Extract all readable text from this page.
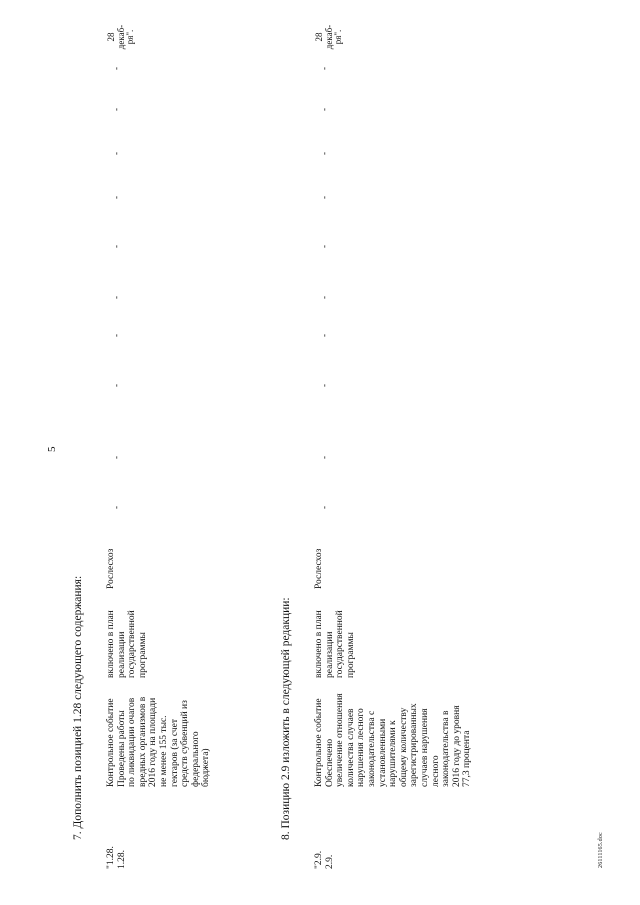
5
26111165.doc
7. Дополнить позицией 1.28 следующего содержания:
"1.28.
1.28.
Контрольное событие
Проведены работы
по ликвидации очагов
вредных организмов в
2016 году на площади
не менее 155 тыс.
гектаров (за счет
средств субвенций из
федерального
бюджета)
включено в план
реализации
государственной
программы
Рослесхоз
-
-
-
-
-
-
-
-
-
-
28
декаб-
ря".
8. Позицию 2.9 изложить в следующей редакции:
"2.9.
2.9.
Контрольное событие
Обеспечено
увеличение отношения
количества случаев
нарушения лесного
законодательства с
установленными
нарушителями к
общему количеству
зарегистрированных
случаев нарушения
лесного
законодательства в
2016 году до уровня
77,3 процента
включено в план
реализации
государственной
программы
Рослесхоз
-
-
-
-
-
-
-
-
-
-
28
декаб-
ря".
